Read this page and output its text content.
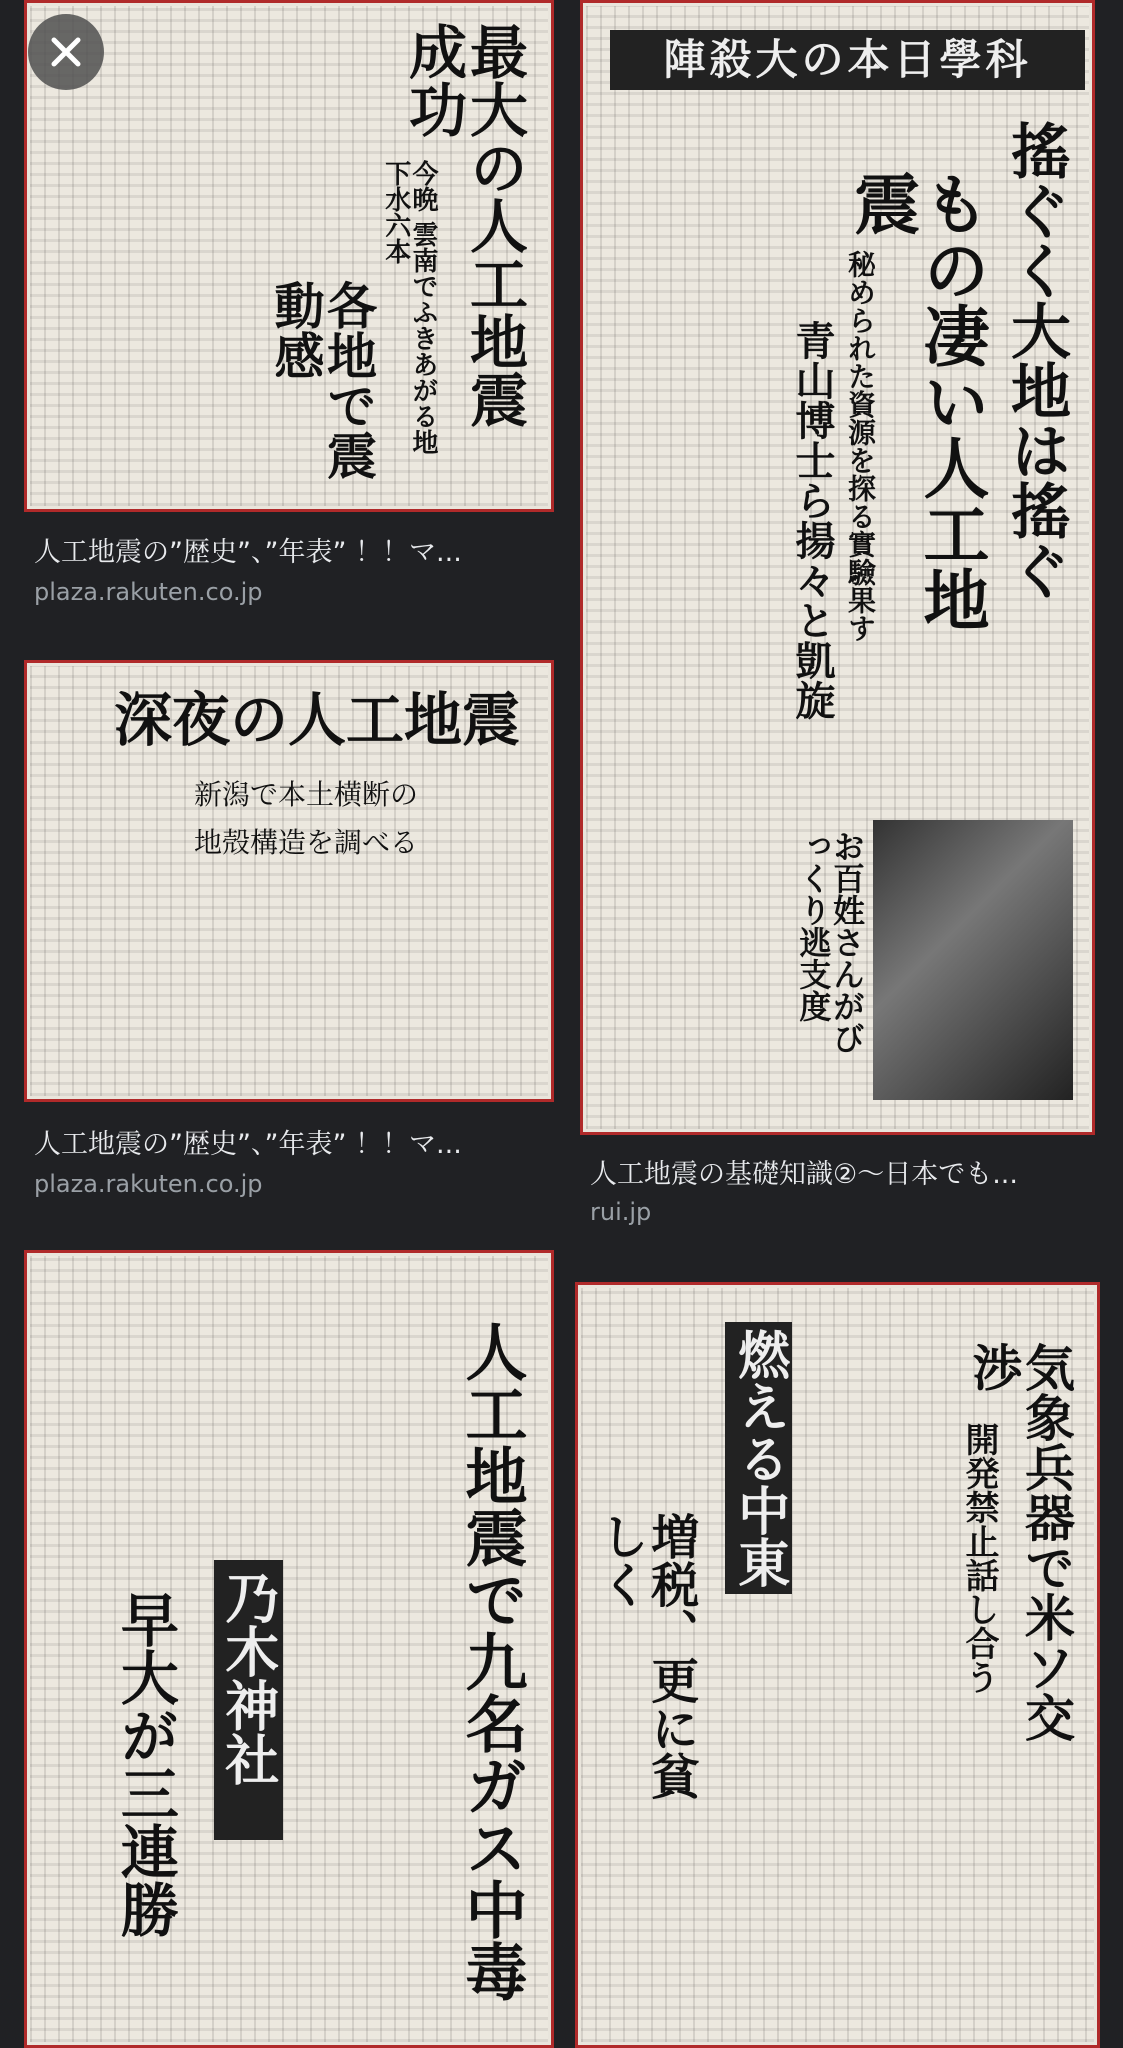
最大の人工地震成功
今晩 雲南でふきあがる地下水六本
各地で震動感
人工地震の”歴史”、”年表” ！！マ...
plaza.rakuten.co.jp
陣殺大の本日學科
搖ぐく大地は搖ぐ
もの凄い人工地震
秘められた資源を探る實驗果す
青山博士ら揚々と凱旋
お百姓さんがびっくり逃支度
人工地震の基礎知識②〜日本でも...
rui.jp
深夜の人工地震
新潟で本土横断の
地殻構造を調べる
人工地震の”歴史”、”年表” ！！マ...
plaza.rakuten.co.jp
人工地震で九名ガス中毒
早大が三連勝 乃木神社	気象兵器で米ソ交渉
開発禁止話し合う
燃える中東
増税、更に貧しく
